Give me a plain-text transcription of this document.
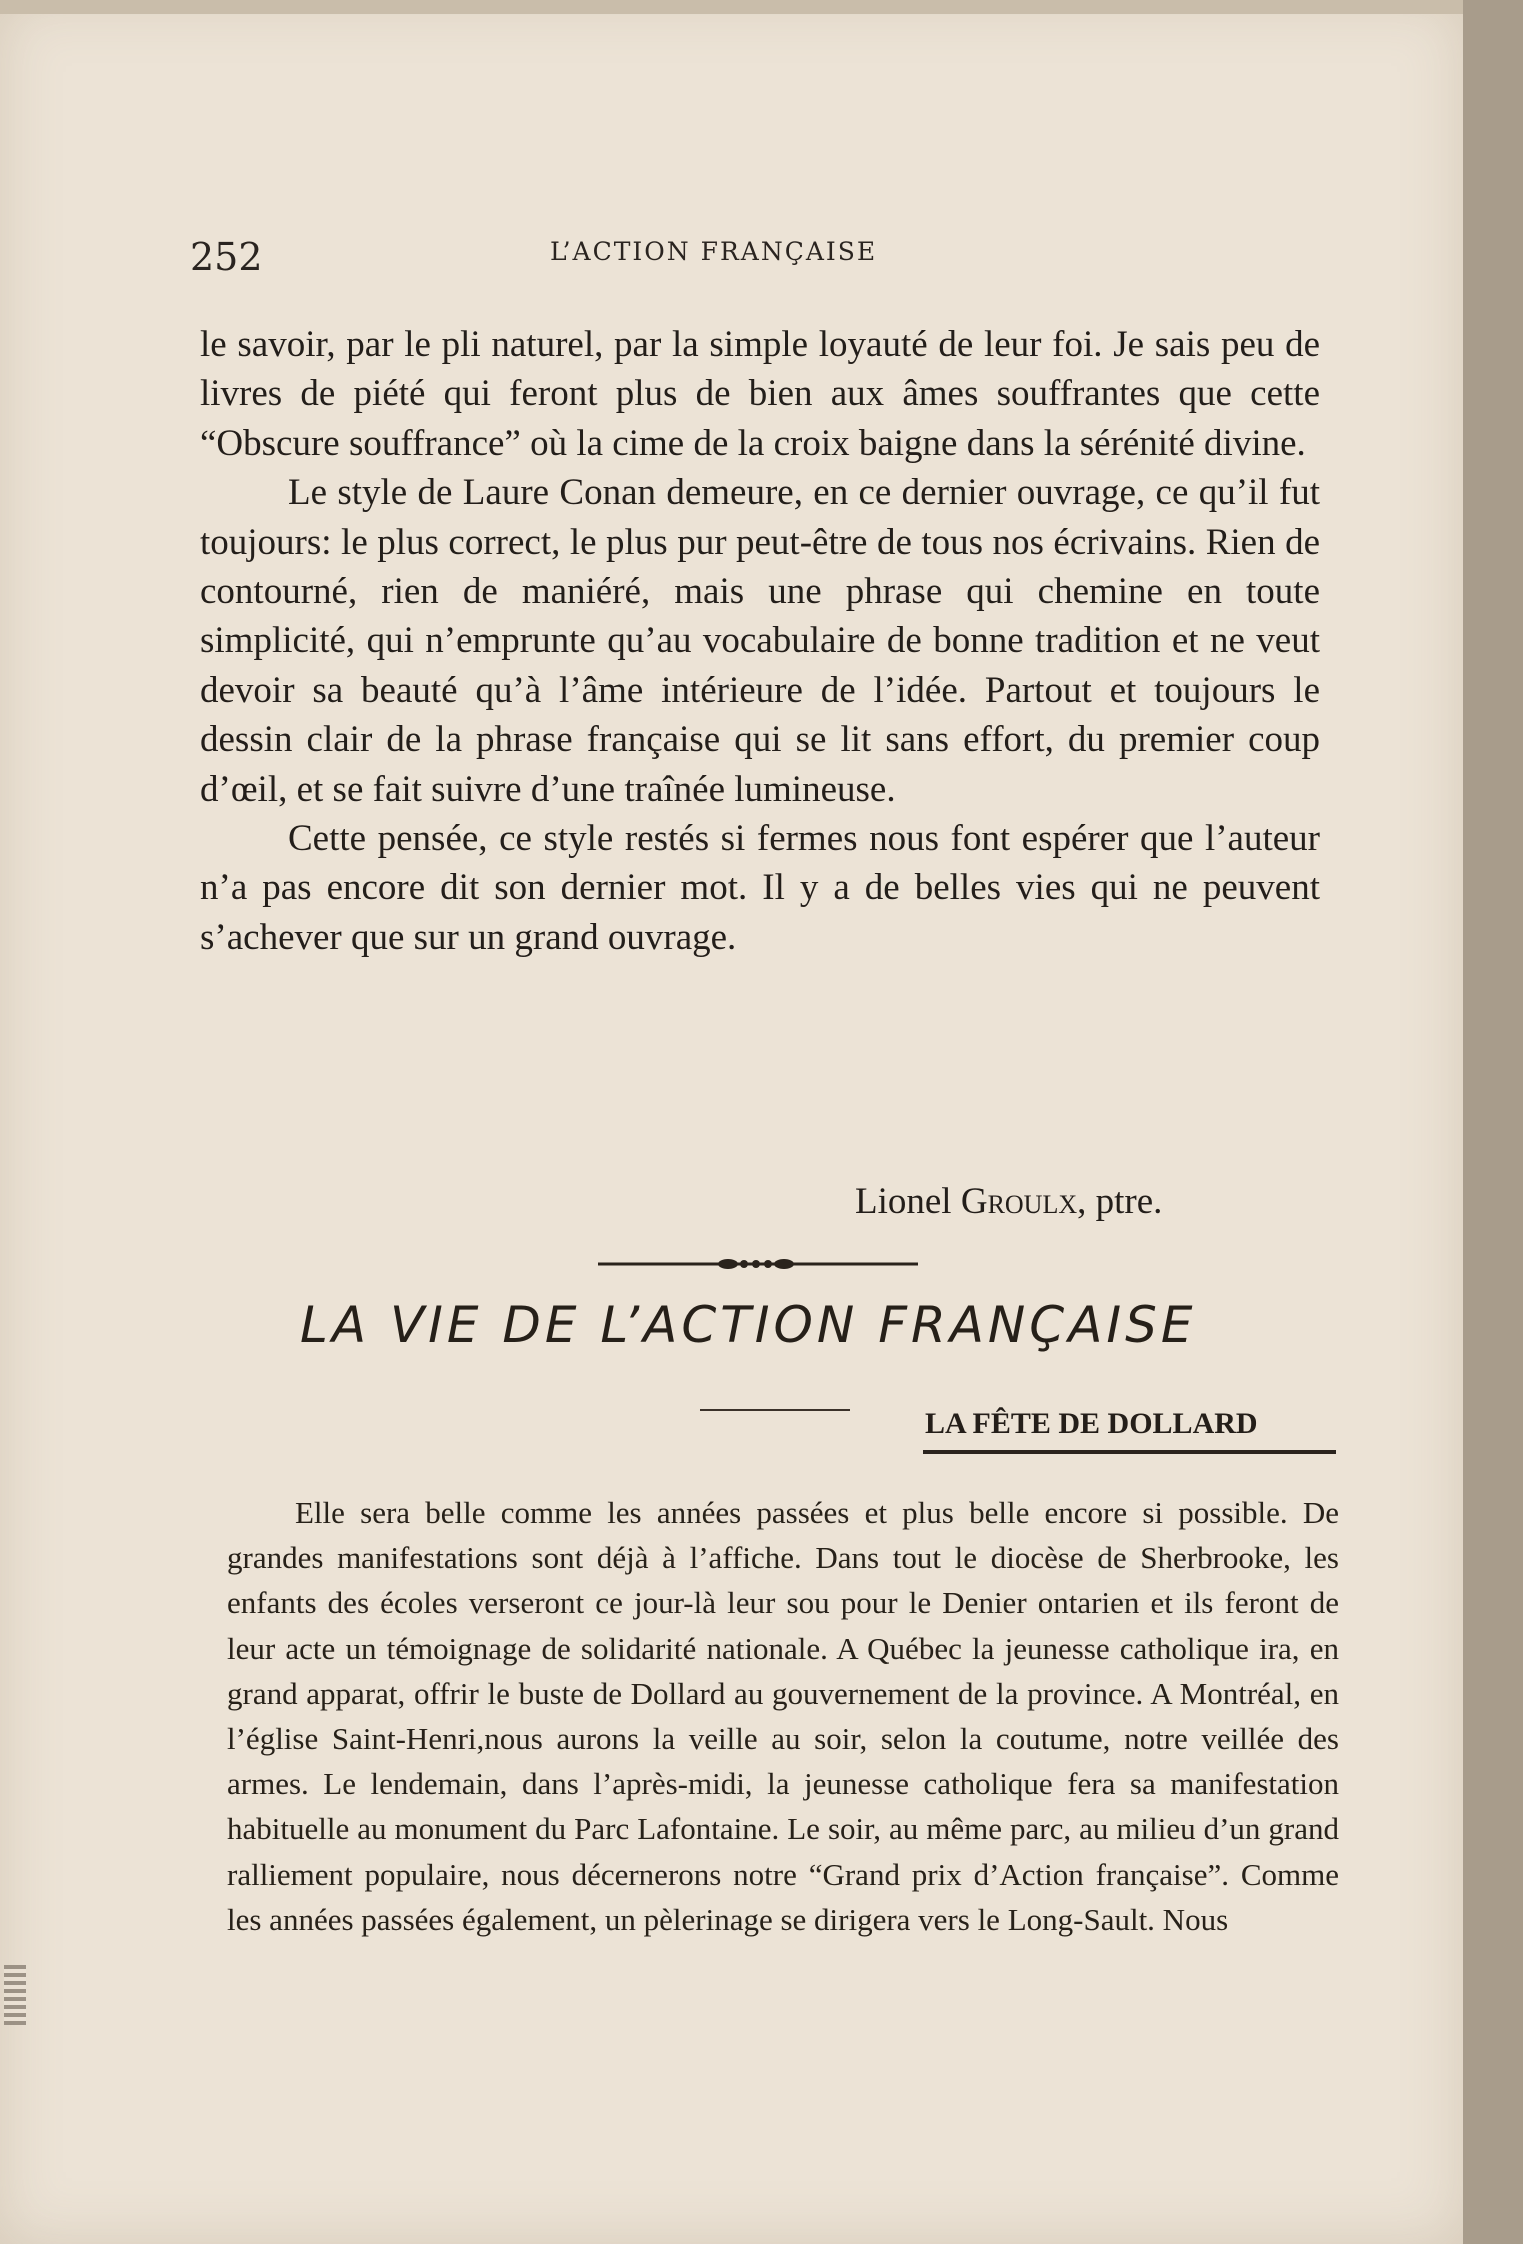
252	L’ACTION FRANÇAISE

le savoir, par le pli naturel, par la simple loyauté de leur foi. Je sais peu de livres de piété qui feront plus de bien aux âmes souffrantes que cette “Obscure souffrance” où la cime de la croix baigne dans la sérénité divine.

Le style de Laure Conan demeure, en ce dernier ouvrage, ce qu’il fut toujours: le plus correct, le plus pur peut-être de tous nos écrivains. Rien de contourné, rien de maniéré, mais une phrase qui chemine en toute simplicité, qui n’emprunte qu’au vocabulaire de bonne tradition et ne veut devoir sa beauté qu’à l’âme intérieure de l’idée. Partout et toujours le dessin clair de la phrase française qui se lit sans effort, du premier coup d’œil, et se fait suivre d’une traînée lumineuse.

Cette pensée, ce style restés si fermes nous font espérer que l’auteur n’a pas encore dit son dernier mot. Il y a de belles vies qui ne peuvent s’achever que sur un grand ouvrage.

Lionel Groulx, ptre.
LA VIE DE L’ACTION FRANÇAISE
LA FÊTE DE DOLLARD

Elle sera belle comme les années passées et plus belle encore si possible. De grandes manifestations sont déjà à l’affiche. Dans tout le diocèse de Sherbrooke, les enfants des écoles verseront ce jour-là leur sou pour le Denier ontarien et ils feront de leur acte un témoignage de solidarité nationale. A Québec la jeunesse catholique ira, en grand apparat, offrir le buste de Dollard au gouvernement de la province. A Montréal, en l’église Saint-Henri,nous aurons la veille au soir, selon la coutume, notre veillée des armes. Le lendemain, dans l’après-midi, la jeunesse catholique fera sa manifestation habituelle au monument du Parc Lafontaine. Le soir, au même parc, au milieu d’un grand ralliement populaire, nous décernerons notre “Grand prix d’Action française”. Comme les années passées également, un pèlerinage se dirigera vers le Long-Sault. Nous
